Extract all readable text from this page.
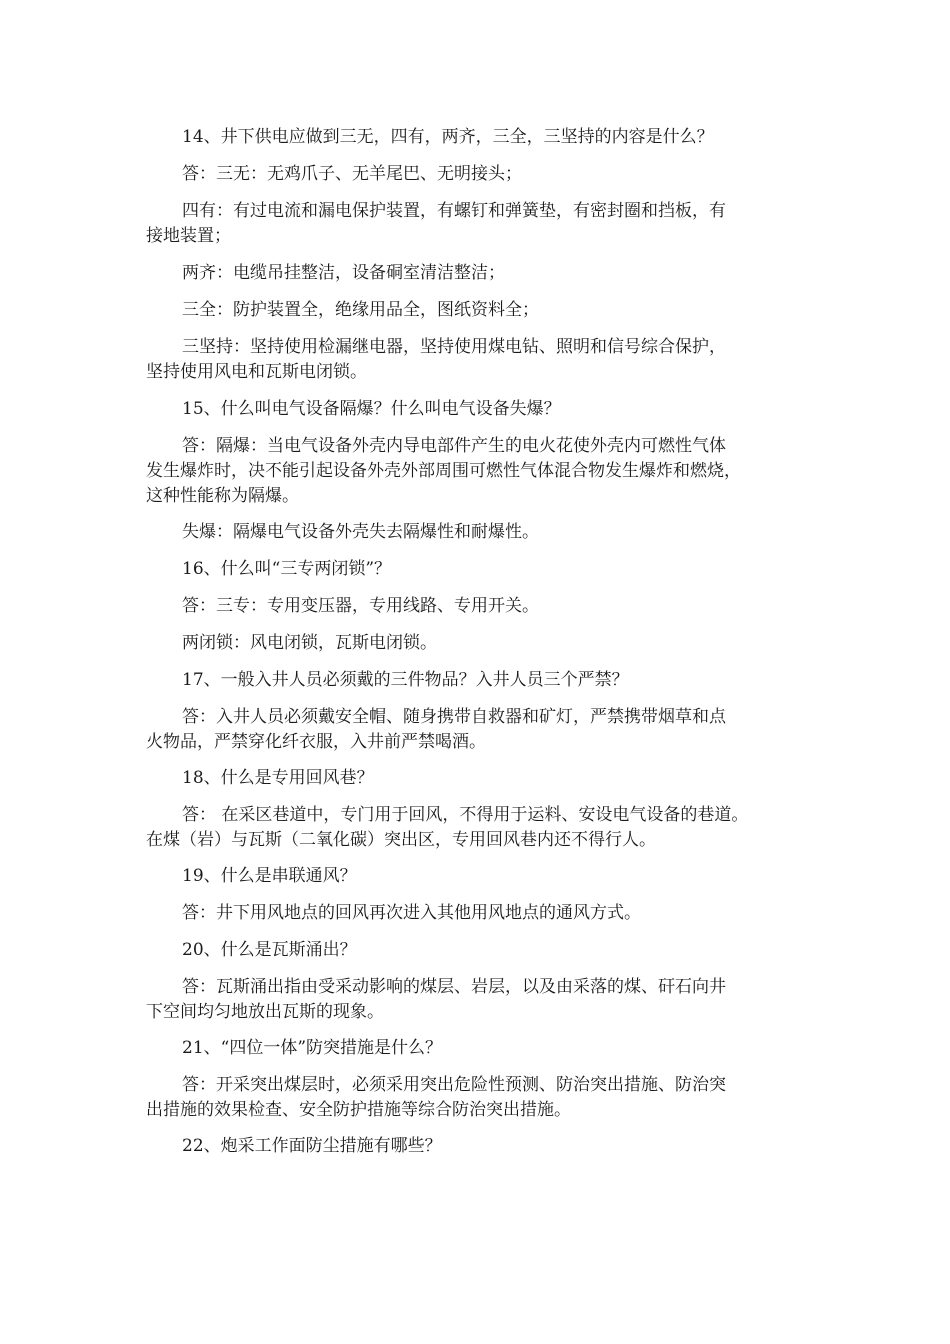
14、井下供电应做到三无，四有，两齐，三全，三坚持的内容是什么？
答：三无：无鸡爪子、无羊尾巴、无明接头；
四有：有过电流和漏电保护装置，有螺钉和弹簧垫，有密封圈和挡板，有
接地装置；
两齐：电缆吊挂整洁，设备硐室清洁整洁；
三全：防护装置全，绝缘用品全，图纸资料全；
三坚持：坚持使用检漏继电器，坚持使用煤电钻、照明和信号综合保护，
坚持使用风电和瓦斯电闭锁。
15、什么叫电气设备隔爆？什么叫电气设备失爆？
答：隔爆：当电气设备外壳内导电部件产生的电火花使外壳内可燃性气体
发生爆炸时，决不能引起设备外壳外部周围可燃性气体混合物发生爆炸和燃烧，
这种性能称为隔爆。
失爆：隔爆电气设备外壳失去隔爆性和耐爆性。
16、什么叫“三专两闭锁”？
答：三专：专用变压器，专用线路、专用开关。
两闭锁：风电闭锁，瓦斯电闭锁。
17、一般入井人员必须戴的三件物品？入井人员三个严禁？
答：入井人员必须戴安全帽、随身携带自救器和矿灯，严禁携带烟草和点
火物品，严禁穿化纤衣服，入井前严禁喝酒。
18、什么是专用回风巷？
答： 在采区巷道中，专门用于回风，不得用于运料、安设电气设备的巷道。
在煤（岩）与瓦斯（二氧化碳）突出区，专用回风巷内还不得行人。
19、什么是串联通风？
答：井下用风地点的回风再次进入其他用风地点的通风方式。
20、什么是瓦斯涌出？
答：瓦斯涌出指由受采动影响的煤层、岩层，以及由采落的煤、矸石向井
下空间均匀地放出瓦斯的现象。
21、“四位一体”防突措施是什么？
答：开采突出煤层时，必须采用突出危险性预测、防治突出措施、防治突
出措施的效果检查、安全防护措施等综合防治突出措施。
22、炮采工作面防尘措施有哪些？
